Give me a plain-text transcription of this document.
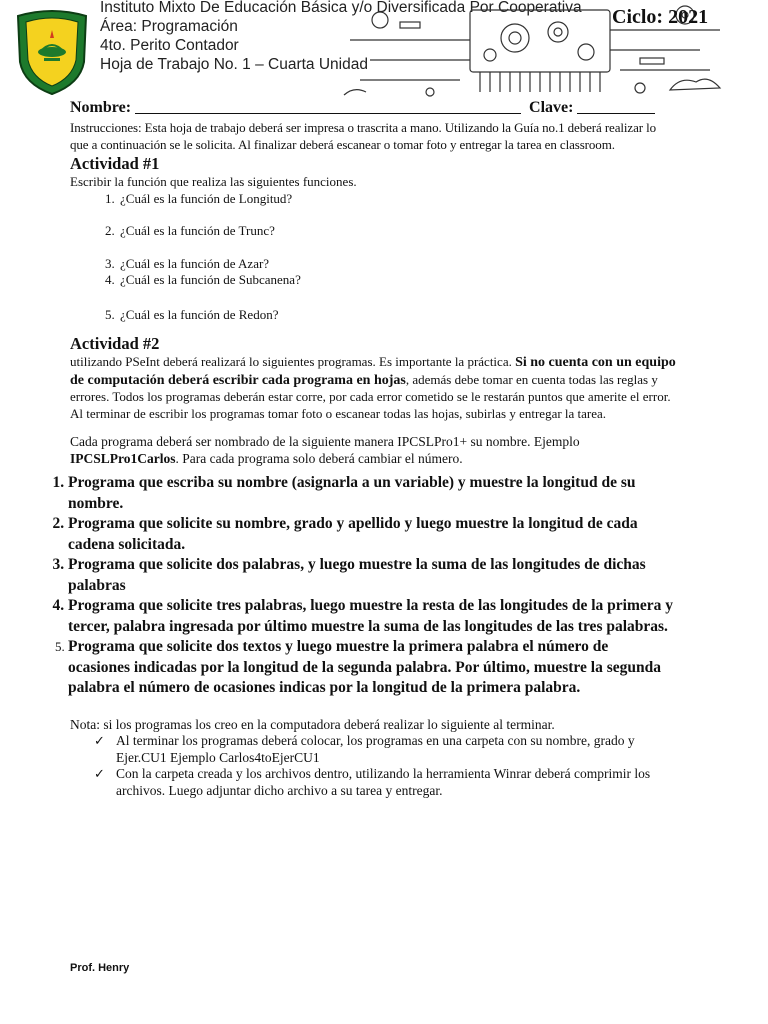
Instituto Mixto De Educación Básica y/o Diversificada Por Cooperativa
Área: Programación
4to. Perito Contador
Hoja de Trabajo No. 1 – Cuarta Unidad
Ciclo: 2021
Nombre:	Clave:

Instrucciones: Esta hoja de trabajo deberá ser impresa o trascrita a mano. Utilizando la Guía no.1 deberá realizar lo que a continuación se le solicita. Al finalizar deberá escanear o tomar foto y entregar la tarea en classroom.

Actividad #1

Escribir la función que realiza las siguientes funciones.

1. ¿Cuál es la función de Longitud?
2. ¿Cuál es la función de Trunc?
3. ¿Cuál es la función de Azar?
4. ¿Cuál es la función de Subcanena?
5. ¿Cuál es la función de Redon?

Actividad #2

utilizando PSeInt deberá realizará lo siguientes programas. Es importante la práctica. Si no cuenta con un equipo de computación deberá escribir cada programa en hojas, además debe tomar en cuenta todas las reglas y errores. Todos los programas deberán estar corre, por cada error cometido se le restarán puntos que amerite el error. Al terminar de escribir los programas tomar foto o escanear todas las hojas, subirlas y entregar la tarea.

Cada programa deberá ser nombrado de la siguiente manera IPCSLPro1+ su nombre. Ejemplo IPCSLPro1Carlos. Para cada programa solo deberá cambiar el número.

1. Programa que escriba su nombre (asignarla a un variable) y muestre la longitud de su nombre.
2. Programa que solicite su nombre, grado y apellido y luego muestre la longitud de cada cadena solicitada.
3. Programa que solicite dos palabras, y luego muestre la suma de las longitudes de dichas palabras
4. Programa que solicite tres palabras, luego muestre la resta de las longitudes de la primera y tercer, palabra ingresada por último muestre la suma de las longitudes de las tres palabras.
5. Programa que solicite dos textos y luego muestre la primera palabra el número de ocasiones indicadas por la longitud de la segunda palabra. Por último, muestre la segunda palabra el número de ocasiones indicas por la longitud de la primera palabra.

Nota: si los programas los creo en la computadora deberá realizar lo siguiente al terminar.

✓ Al terminar los programas deberá colocar, los programas en una carpeta con su nombre, grado y Ejer.CU1 Ejemplo Carlos4toEjerCU1
✓ Con la carpeta creada y los archivos dentro, utilizando la herramienta Winrar deberá comprimir los archivos. Luego adjuntar dicho archivo a su tarea y entregar.
Prof. Henry
